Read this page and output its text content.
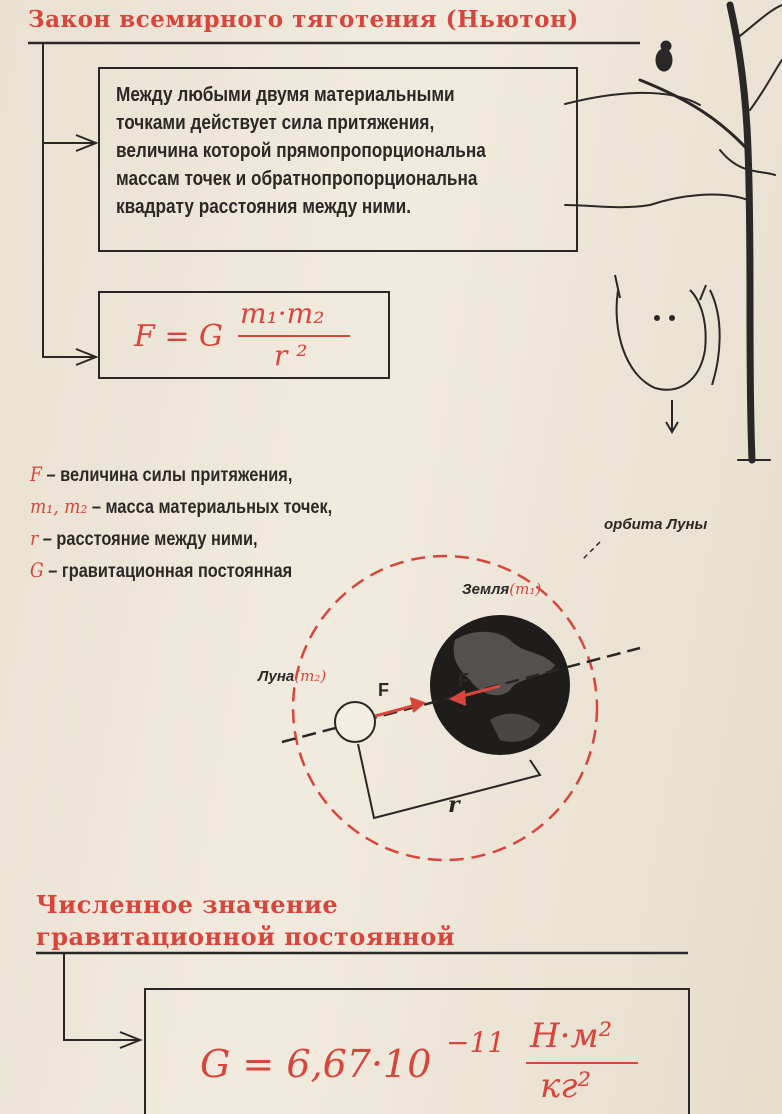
Закон всемирного тяготения (Ньютон)
Между любыми двумя материальными
точками действует сила притяжения,
величина которой прямопропорциональна
массам точек и обратнопропорциональна
квадрату расстояния между ними.
F = G
m₁·m₂
r ²
F – величина силы притяжения,
m₁, m₂ – масса материальных точек,
r – расстояние между ними,
G – гравитационная постоянная
орбита Луны
Земля(m₁)
Луна(m₂)
F	F
r
Численное значение
гравитационной постоянной
G = 6,67·10 −11 Н·м²
кг²
